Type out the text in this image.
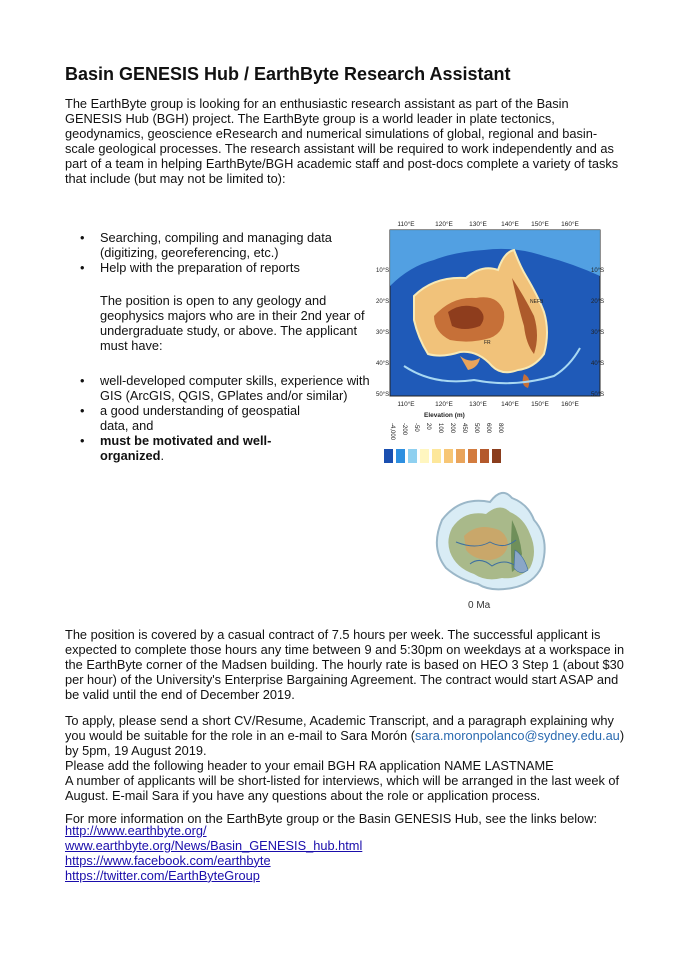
Basin GENESIS Hub / EarthByte Research Assistant

The EarthByte group is looking for an enthusiastic research assistant as part of the Basin GENESIS Hub (BGH) project. The EarthByte group is a world leader in plate tectonics, geodynamics, geoscience eResearch and numerical simulations of global, regional and basin-scale geological processes. The research assistant will be required to work independently and as part of a team in helping EarthByte/BGH academic staff and post-docs complete a variety of tasks that include (but may not be limited to):

• Searching, compiling and managing data (digitizing, georeferencing, etc.)
• Help with the preparation of reports

The position is open to any geology and geophysics majors who are in their 2nd year of undergraduate study, or above. The applicant must have:

• well-developed computer skills, experience with GIS (ArcGIS, QGIS, GPlates and/or similar)
• a good understanding of geospatial data, and
• must be motivated and well-organized.
110°E	120°E 130°E 140°E 150°E 160°E
10°S
20°S
30°S
40°S
50°S
10°S
20°S
30°S
40°S
50°S
NEFB
FR
110°E	120°E 130°E 140°E 150°E 160°E
Elevation (m)
-4,000 -200 -50 20 100 200 450 500 600 800
0 Ma

The position is covered by a casual contract of 7.5 hours per week. The successful applicant is expected to complete those hours any time between 9 and 5:30pm on weekdays at a workspace in the EarthByte corner of the Madsen building. The hourly rate is based on HEO 3 Step 1 (about $30 per hour) of the University's Enterprise Bargaining Agreement. The contract would start ASAP and be valid until the end of December 2019.

To apply, please send a short CV/Resume, Academic Transcript, and a paragraph explaining why you would be suitable for the role in an e-mail to Sara Morón (sara.moronpolanco@sydney.edu.au) by 5pm, 19 August 2019.
Please add the following header to your email BGH RA application NAME LASTNAME
A number of applicants will be short-listed for interviews, which will be arranged in the last week of August. E-mail Sara if you have any questions about the role or application process.

For more information on the EarthByte group or the Basin GENESIS Hub, see the links below:

http://www.earthbyte.org/
www.earthbyte.org/News/Basin_GENESIS_hub.html
https://www.facebook.com/earthbyte
https://twitter.com/EarthByteGroup
